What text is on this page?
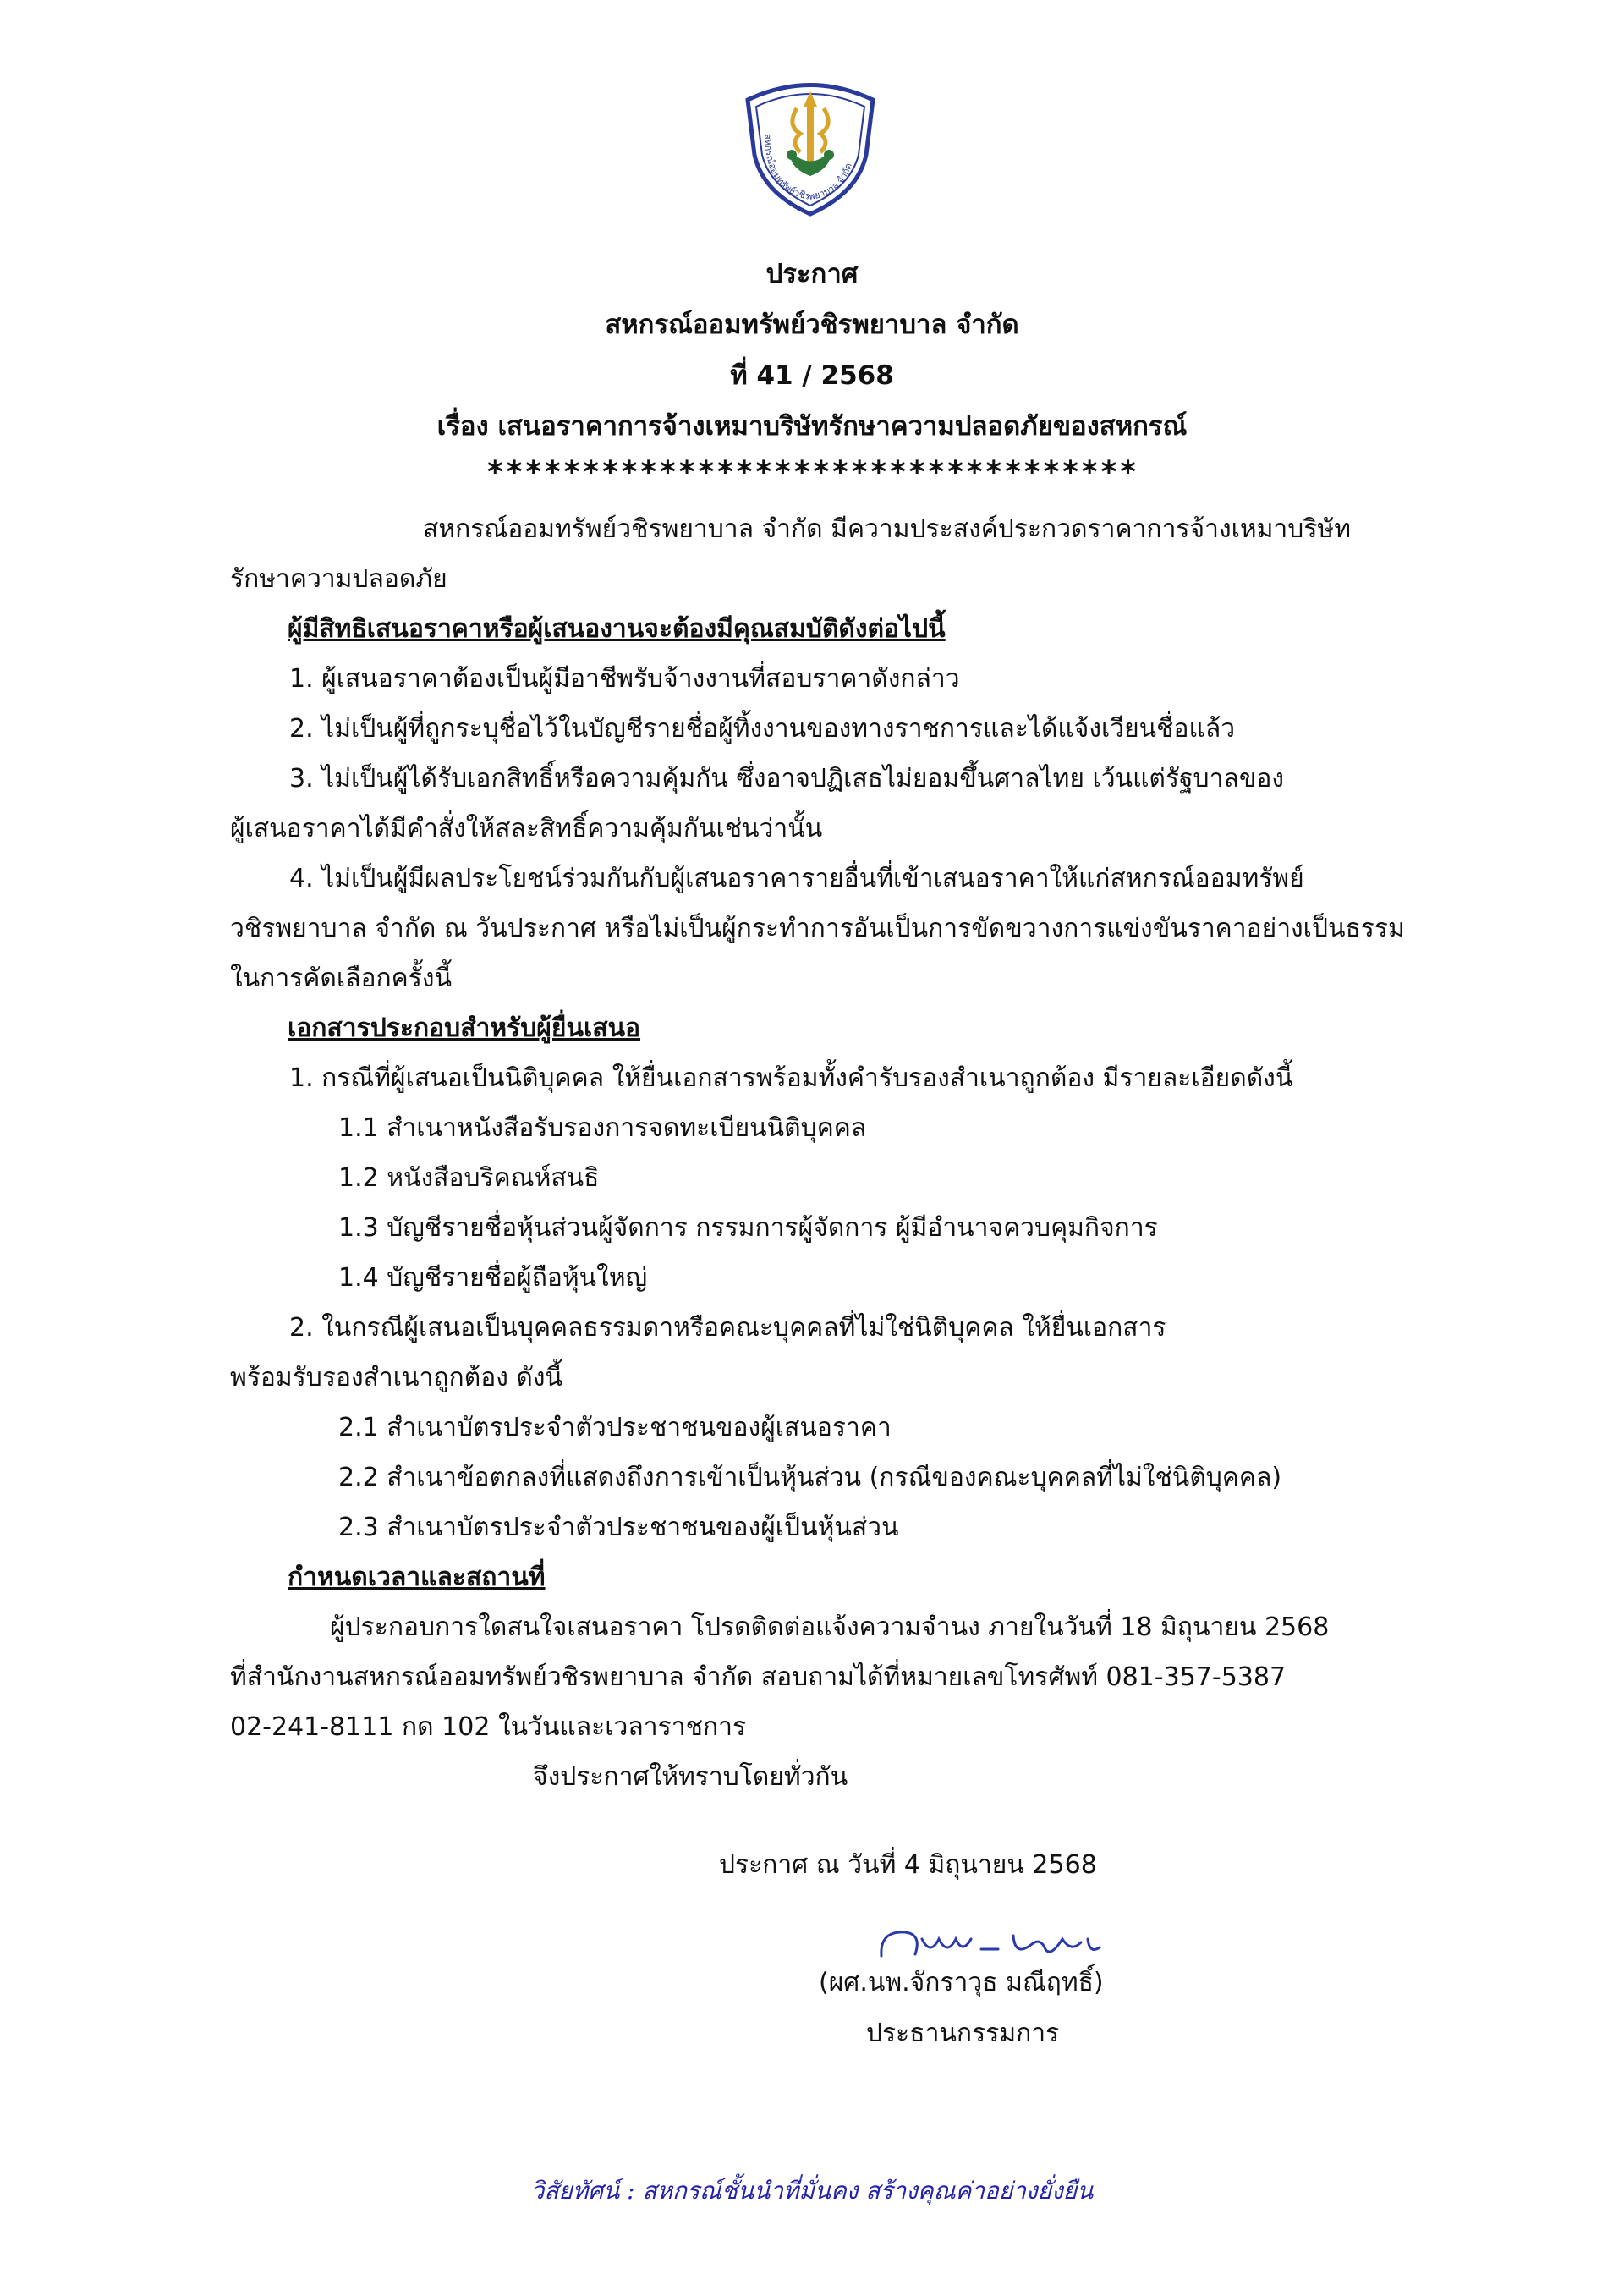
สหกรณ์ออมทรัพย์วชิรพยาบาล จำกัด
ประกาศ
สหกรณ์ออมทรัพย์วชิรพยาบาล จำกัด
ที่ 41 / 2568
เรื่อง เสนอราคาการจ้างเหมาบริษัทรักษาความปลอดภัยของสหกรณ์
**********************************
สหกรณ์ออมทรัพย์วชิรพยาบาล จำกัด มีความประสงค์ประกวดราคาการจ้างเหมาบริษัท
รักษาความปลอดภัย
ผู้มีสิทธิเสนอราคาหรือผู้เสนองานจะต้องมีคุณสมบัติดังต่อไปนี้
1. ผู้เสนอราคาต้องเป็นผู้มีอาชีพรับจ้างงานที่สอบราคาดังกล่าว
2. ไม่เป็นผู้ที่ถูกระบุชื่อไว้ในบัญชีรายชื่อผู้ทิ้งงานของทางราชการและได้แจ้งเวียนชื่อแล้ว
3. ไม่เป็นผู้ได้รับเอกสิทธิ์หรือความคุ้มกัน ซึ่งอาจปฏิเสธไม่ยอมขึ้นศาลไทย เว้นแต่รัฐบาลของ
ผู้เสนอราคาได้มีคำสั่งให้สละสิทธิ์ความคุ้มกันเช่นว่านั้น
4. ไม่เป็นผู้มีผลประโยชน์ร่วมกันกับผู้เสนอราคารายอื่นที่เข้าเสนอราคาให้แก่สหกรณ์ออมทรัพย์
วชิรพยาบาล จำกัด ณ วันประกาศ หรือไม่เป็นผู้กระทำการอันเป็นการขัดขวางการแข่งขันราคาอย่างเป็นธรรม
ในการคัดเลือกครั้งนี้
เอกสารประกอบสำหรับผู้ยื่นเสนอ
1. กรณีที่ผู้เสนอเป็นนิติบุคคล ให้ยื่นเอกสารพร้อมทั้งคำรับรองสำเนาถูกต้อง มีรายละเอียดดังนี้
1.1 สำเนาหนังสือรับรองการจดทะเบียนนิติบุคคล
1.2 หนังสือบริคณห์สนธิ
1.3 บัญชีรายชื่อหุ้นส่วนผู้จัดการ กรรมการผู้จัดการ ผู้มีอำนาจควบคุมกิจการ
1.4 บัญชีรายชื่อผู้ถือหุ้นใหญ่
2. ในกรณีผู้เสนอเป็นบุคคลธรรมดาหรือคณะบุคคลที่ไม่ใช่นิติบุคคล ให้ยื่นเอกสาร
พร้อมรับรองสำเนาถูกต้อง ดังนี้
2.1 สำเนาบัตรประจำตัวประชาชนของผู้เสนอราคา
2.2 สำเนาข้อตกลงที่แสดงถึงการเข้าเป็นหุ้นส่วน (กรณีของคณะบุคคลที่ไม่ใช่นิติบุคคล)
2.3 สำเนาบัตรประจำตัวประชาชนของผู้เป็นหุ้นส่วน
กำหนดเวลาและสถานที่
ผู้ประกอบการใดสนใจเสนอราคา โปรดติดต่อแจ้งความจำนง ภายในวันที่ 18 มิถุนายน 2568
ที่สำนักงานสหกรณ์ออมทรัพย์วชิรพยาบาล จำกัด สอบถามได้ที่หมายเลขโทรศัพท์ 081-357-5387
02-241-8111 กด 102 ในวันและเวลาราชการ
จึงประกาศให้ทราบโดยทั่วกัน
ประกาศ ณ วันที่ 4 มิถุนายน 2568
(ผศ.นพ.จักราวุธ มณีฤทธิ์)
ประธานกรรมการ
วิสัยทัศน์ : สหกรณ์ชั้นนำที่มั่นคง สร้างคุณค่าอย่างยั่งยืน
